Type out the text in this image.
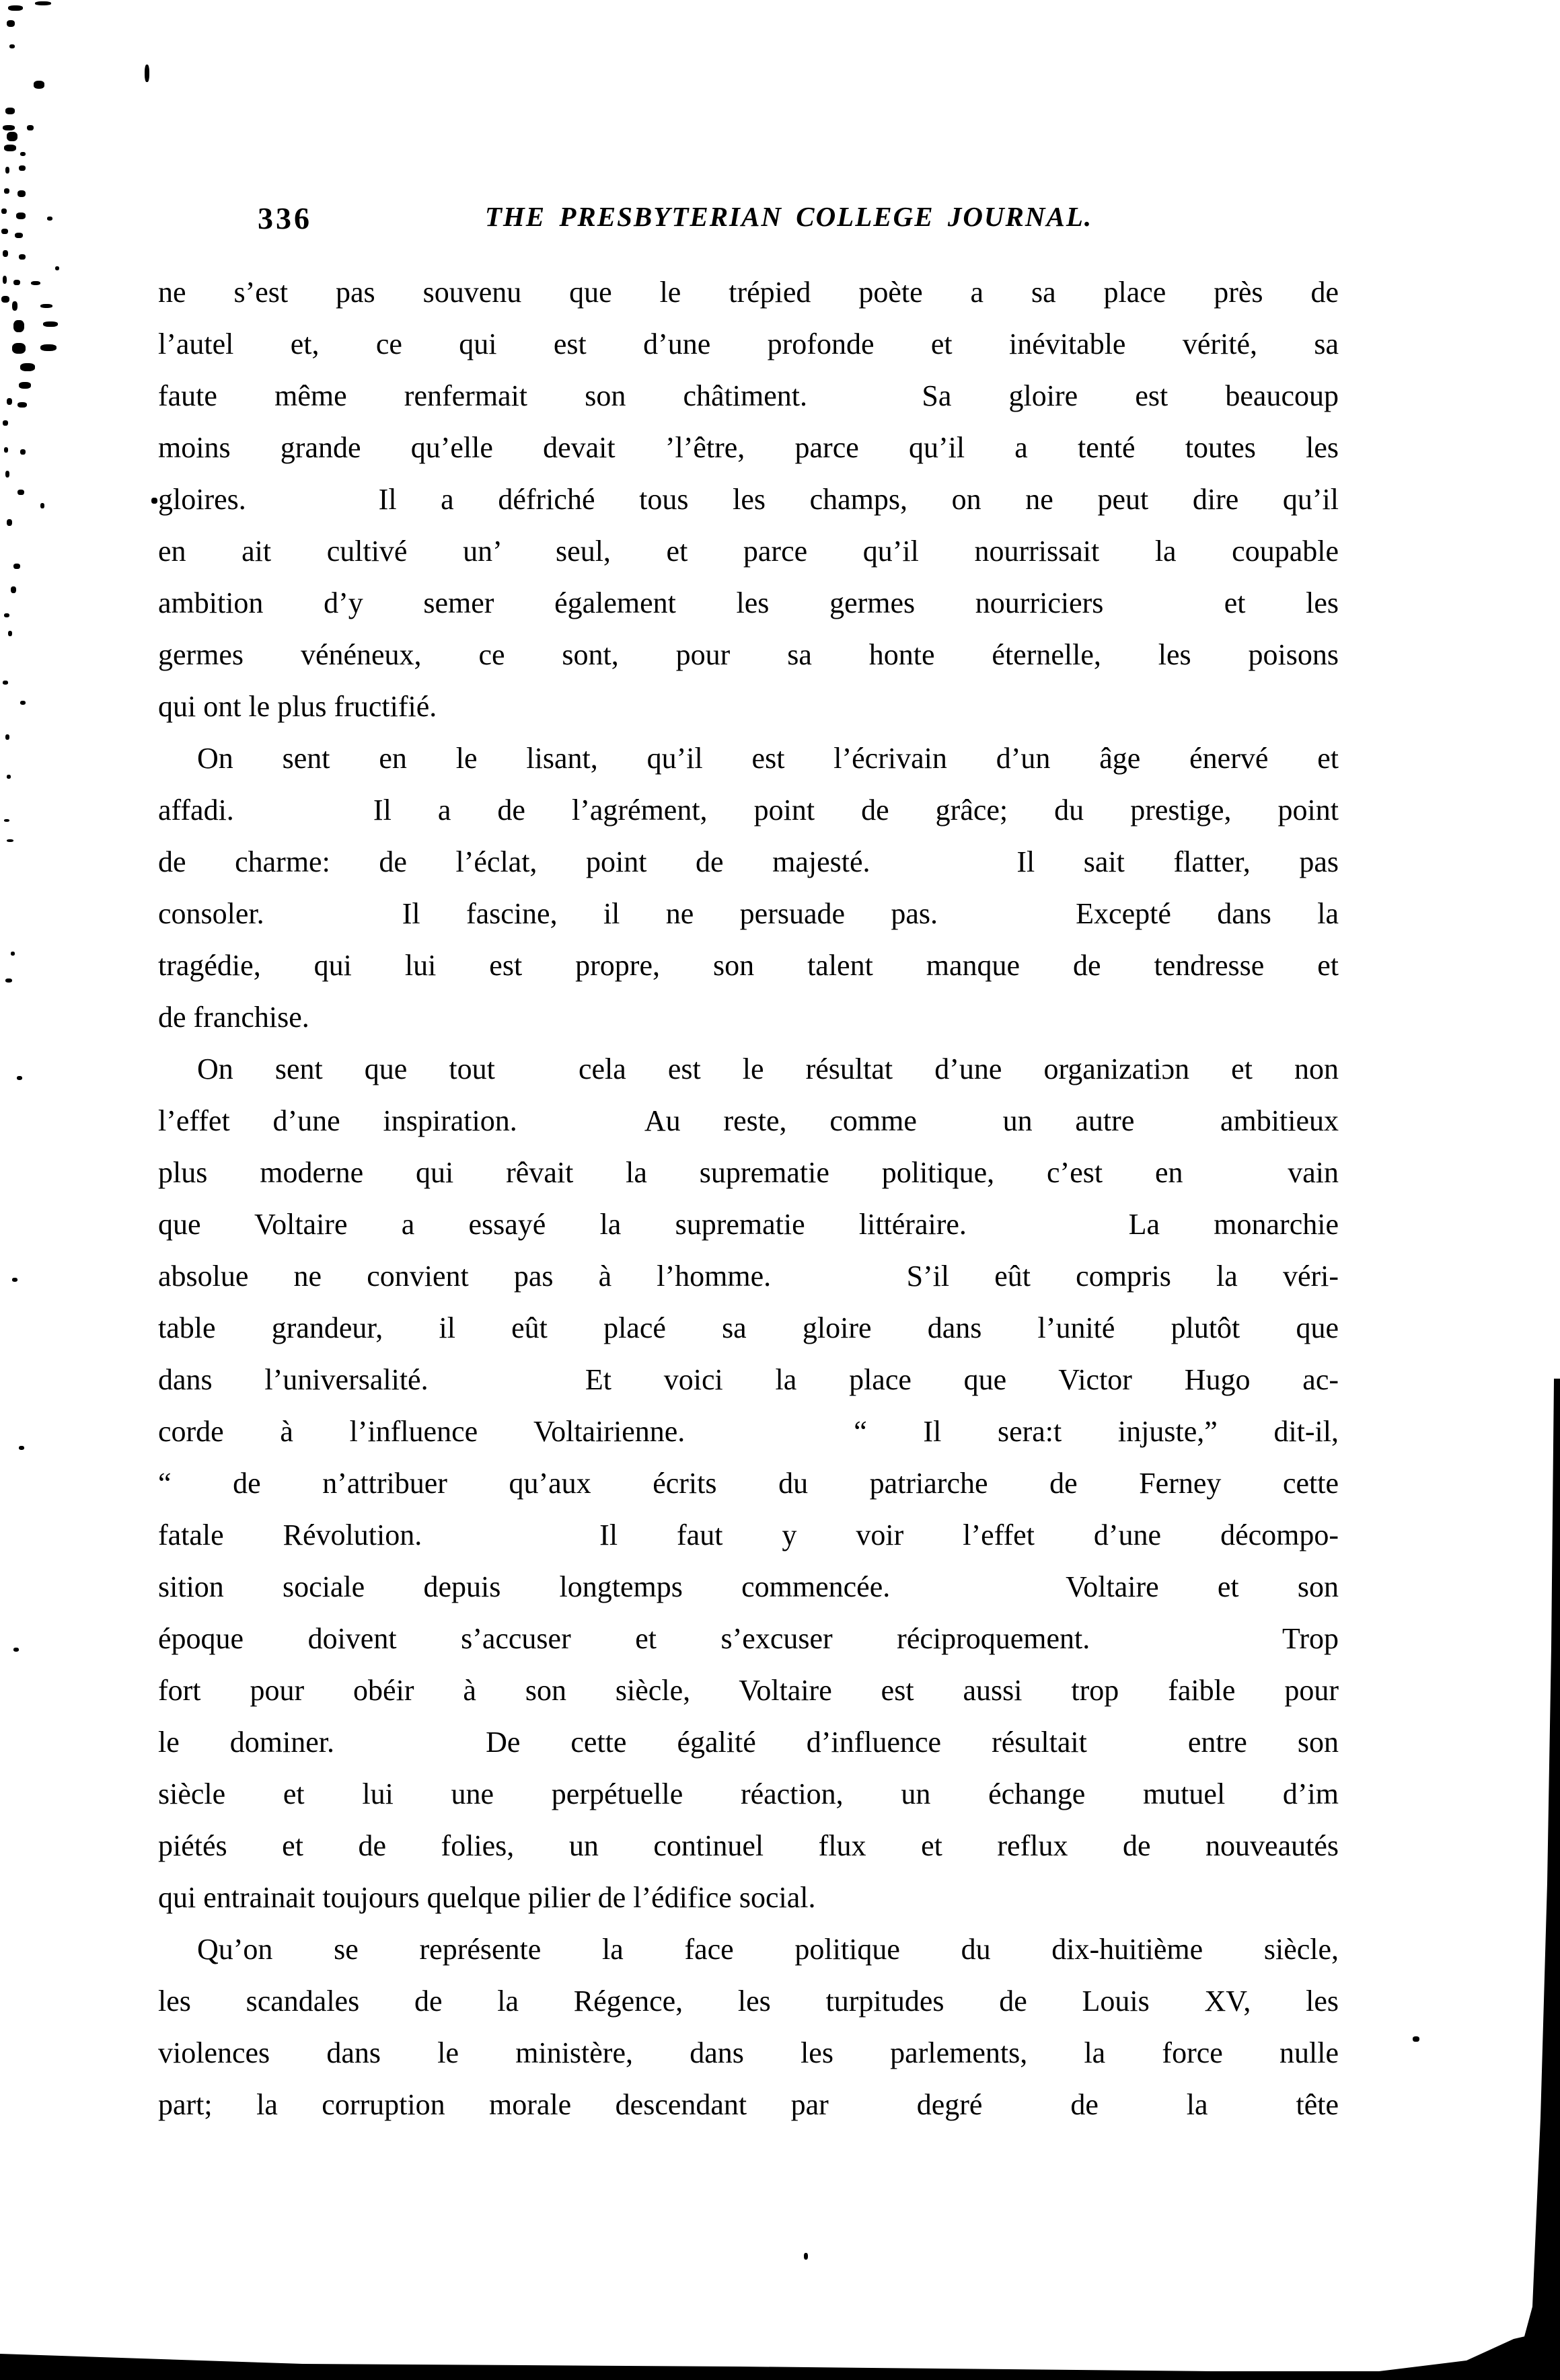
336	THE PRESBYTERIAN COLLEGE JOURNAL.
ne s’est pas souvenu que le trépied poète a sa place près de
l’autel et, ce qui est d’une profonde et inévitable vérité, sa
faute même renfermait son châtiment.  Sa gloire est beaucoup
moins grande qu’elle devait ’l’être, parce qu’il a tenté toutes les
gloires.   Il a défriché tous les champs, on ne peut dire qu’il
en ait cultivé un’ seul, et parce qu’il nourrissait la coupable
ambition d’y semer également les germes nourriciers  et les
germes vénéneux, ce sont, pour sa honte éternelle, les poisons
qui ont le plus fructifié.
On sent en le lisant, qu’il est l’écrivain d’un âge énervé et
affadi.   Il a de l’agrément, point de grâce; du prestige, point
de charme: de l’éclat, point de majesté.   Il sait flatter, pas
consoler.   Il fascine, il ne persuade pas.   Excepté dans la
tragédie, qui lui est propre, son talent manque de tendresse et
de franchise.
On sent que tout  cela est le résultat d’une organizatiɔn et non
l’effet d’une inspiration.   Au reste, comme  un autre  ambitieux
plus moderne qui rêvait la suprematie politique, c’est en  vain
que Voltaire a essayé la suprematie littéraire.   La monarchie
absolue ne convient pas à l’homme.   S’il eût compris la véri-
table grandeur, il eût placé sa gloire dans l’unité plutôt que
dans l’universalité.   Et voici la place que Victor Hugo ac-
corde à l’influence Voltairienne.   “ Il sera:t injuste,” dit-il,
“ de n’attribuer qu’aux écrits du patriarche de Ferney cette
fatale Révolution.   Il faut y voir l’effet d’une décompo-
sition sociale depuis longtemps commencée.   Voltaire et son
époque doivent s’accuser et s’excuser réciproquement.   Trop
fort pour obéir à son siècle, Voltaire est aussi trop faible pour
le dominer.   De cette égalité d’influence résultait  entre son
siècle et lui une perpétuelle réaction, un échange mutuel d’im
piétés et de folies, un continuel flux et reflux de nouveautés
qui entrainait toujours quelque pilier de l’édifice social.
Qu’on se représente la face politique du dix-huitième siècle,
les scandales de la Régence, les turpitudes de Louis XV, les
violences dans le ministère, dans les parlements, la force nulle
part; la corruption morale descendant par  degré  de  la  tête
